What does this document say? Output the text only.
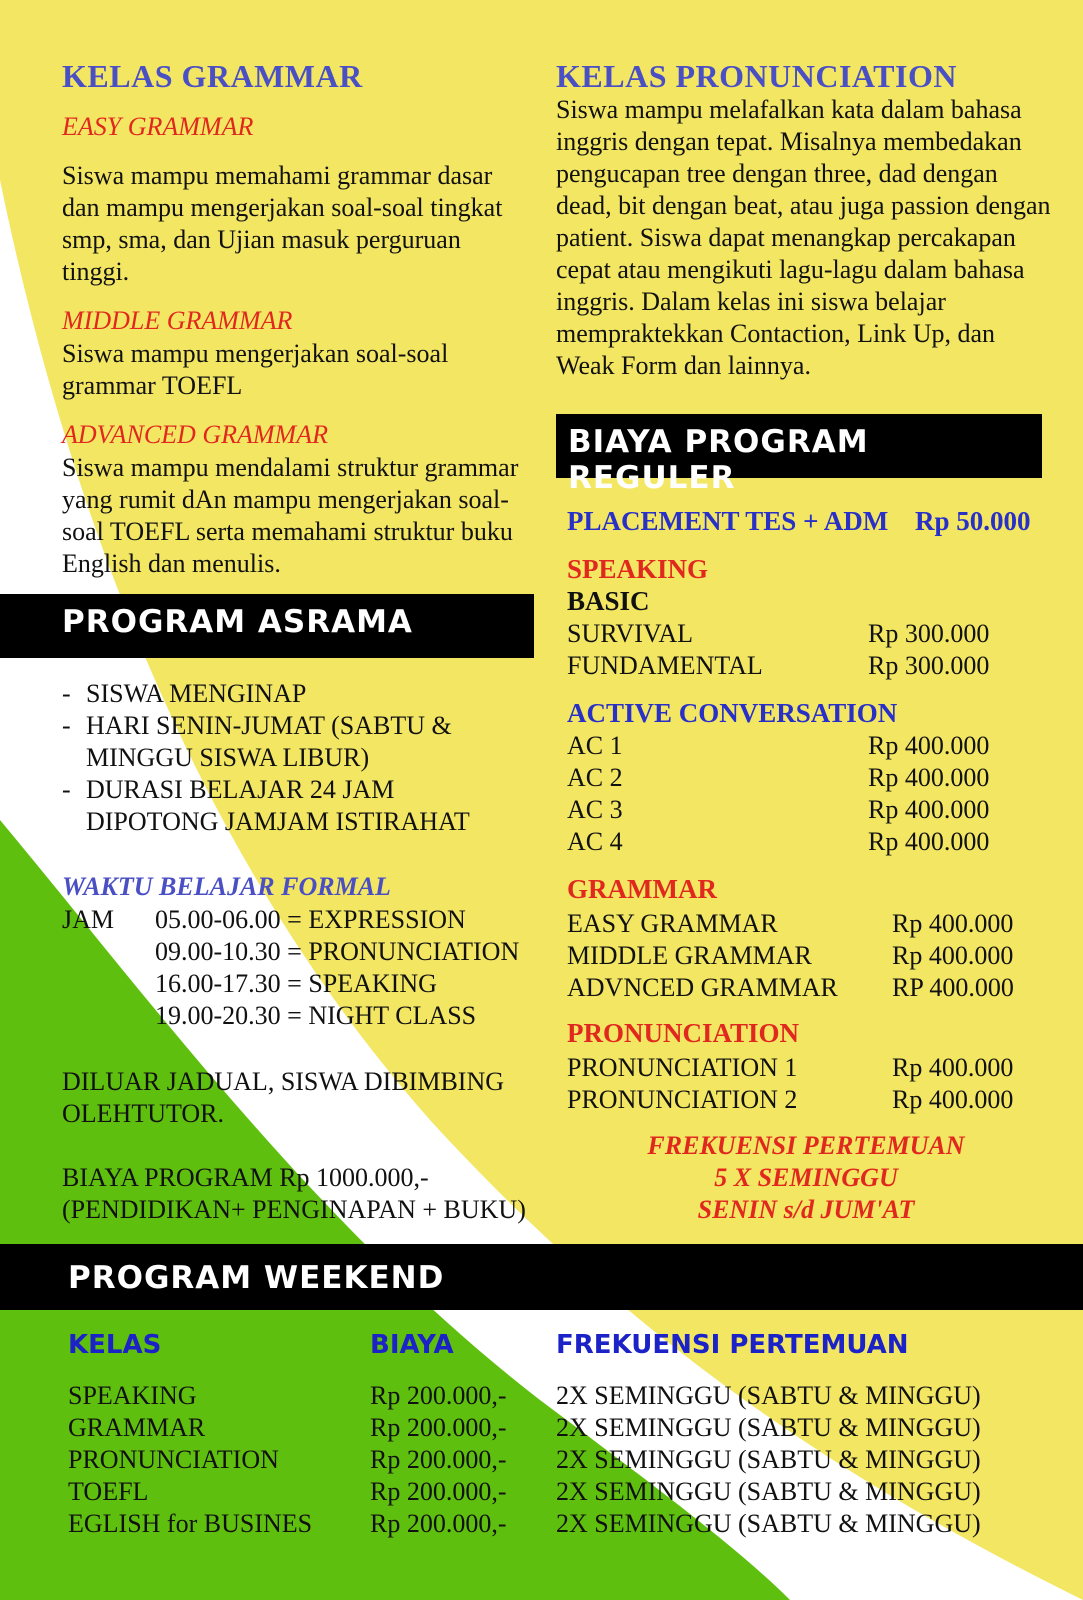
KELAS GRAMMAR
EASY GRAMMAR
Siswa mampu memahami grammar dasar dan mampu mengerjakan soal-soal tingkat smp, sma, dan Ujian masuk perguruan tinggi.
MIDDLE GRAMMAR
Siswa mampu mengerjakan soal-soal grammar TOEFL
ADVANCED GRAMMAR
Siswa mampu mendalami struktur grammar yang rumit dAn mampu mengerjakan soal-soal TOEFL serta memahami struktur buku English dan menulis.
PROGRAM ASRAMA
- SISWA MENGINAP
- HARI SENIN-JUMAT (SABTU & MINGGU SISWA LIBUR)
- DURASI BELAJAR 24 JAM DIPOTONG JAMJAM ISTIRAHAT
WAKTU BELAJAR FORMAL
JAM 05.00-06.00 = EXPRESSION
09.00-10.30 = PRONUNCIATION
16.00-17.30 = SPEAKING
19.00-20.30 = NIGHT CLASS
DILUAR JADUAL, SISWA DIBIMBING OLEHTUTOR.
BIAYA PROGRAM Rp 1000.000,-
(PENDIDIKAN+ PENGINAPAN + BUKU)
KELAS PRONUNCIATION
Siswa mampu melafalkan kata dalam bahasa inggris dengan tepat. Misalnya membedakan pengucapan tree dengan three, dad dengan dead, bit dengan beat, atau juga passion dengan patient. Siswa dapat menangkap percakapan cepat atau mengikuti lagu-lagu dalam bahasa inggris. Dalam kelas ini siswa belajar mempraktekkan Contaction, Link Up, dan Weak Form dan lainnya.
BIAYA PROGRAM REGULER
PLACEMENT TES + ADM Rp 50.000
SPEAKING
BASIC
SURVIVAL	Rp 300.000
FUNDAMENTAL	Rp 300.000
ACTIVE CONVERSATION
AC 1	Rp 400.000
AC 2	Rp 400.000
AC 3	Rp 400.000
AC 4	Rp 400.000
GRAMMAR
EASY GRAMMAR	Rp 400.000
MIDDLE GRAMMAR	Rp 400.000
ADVNCED GRAMMAR RP 400.000
PRONUNCIATION
PRONUNCIATION 1	Rp 400.000
PRONUNCIATION 2	Rp 400.000
FREKUENSI PERTEMUAN
5 X SEMINGGU
SENIN s/d JUM'AT
PROGRAM WEEKEND
KELAS	BIAYA	FREKUENSI PERTEMUAN
SPEAKING	Rp 200.000,- 2X SEMINGGU (SABTU & MINGGU)
GRAMMAR	Rp 200.000,- 2X SEMINGGU (SABTU & MINGGU)
PRONUNCIATION	Rp 200.000,- 2X SEMINGGU (SABTU & MINGGU)
TOEFL	Rp 200.000,- 2X SEMINGGU (SABTU & MINGGU)
EGLISH for BUSINES Rp 200.000,- 2X SEMINGGU (SABTU & MINGGU)
